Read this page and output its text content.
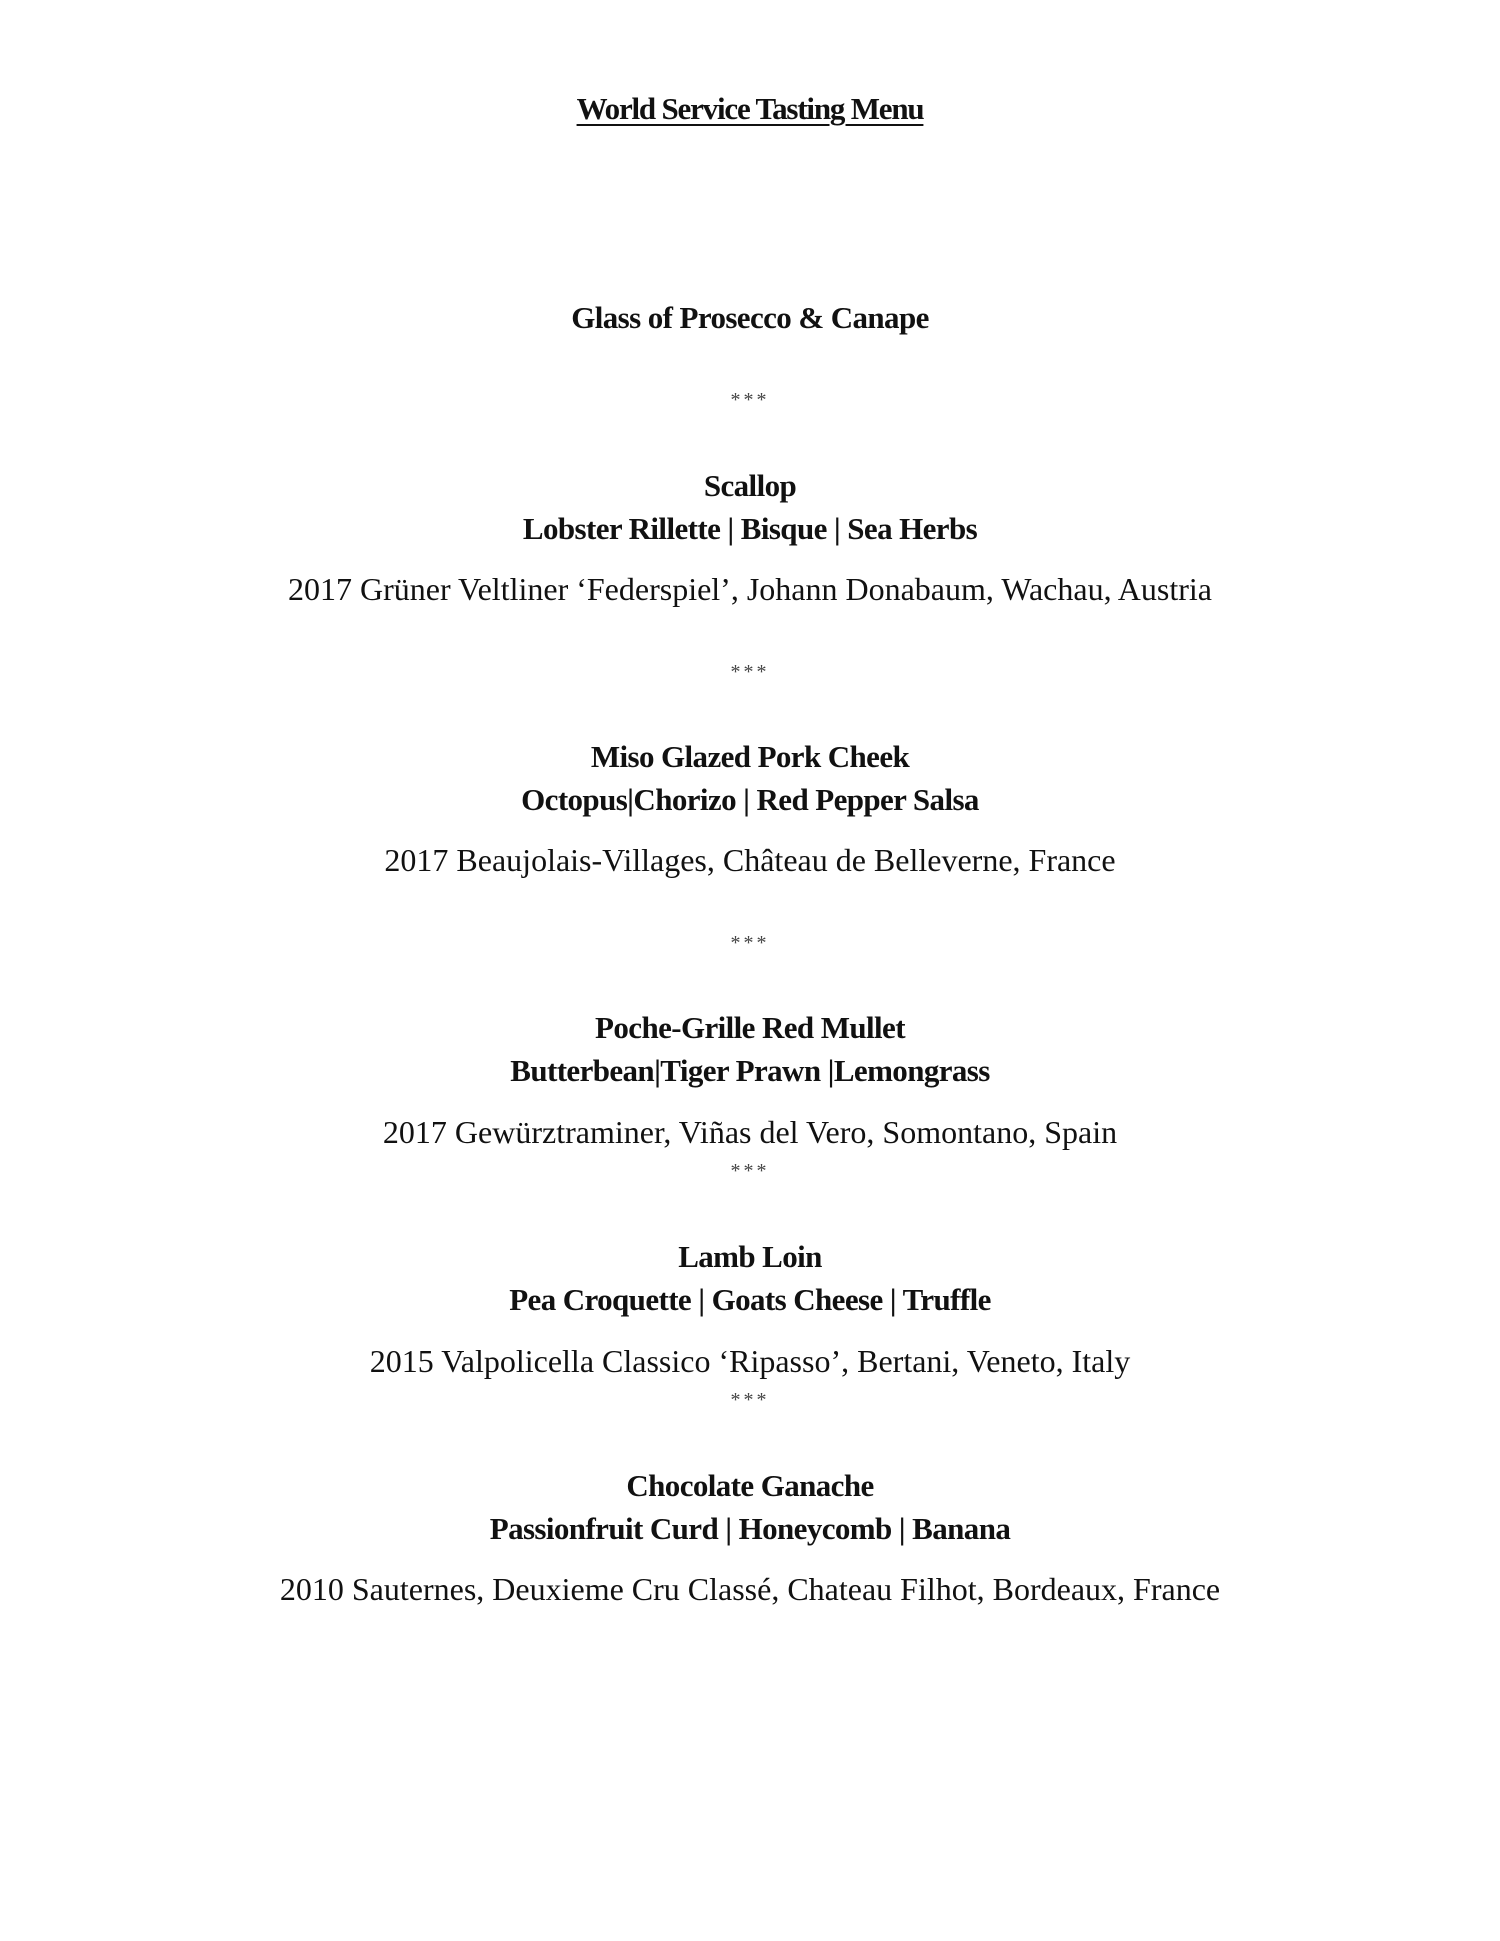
World Service Tasting Menu
Glass of Prosecco & Canape
***
Scallop
Lobster Rillette | Bisque | Sea Herbs
2017 Grüner Veltliner ‘Federspiel’, Johann Donabaum, Wachau, Austria
***
Miso Glazed Pork Cheek
Octopus|Chorizo | Red Pepper Salsa
2017 Beaujolais-Villages, Château de Belleverne, France
***
Poche-Grille Red Mullet
Butterbean|Tiger Prawn |Lemongrass
2017 Gewürztraminer, Viñas del Vero, Somontano, Spain
***
Lamb Loin
Pea Croquette | Goats Cheese | Truffle
2015 Valpolicella Classico ‘Ripasso’, Bertani, Veneto, Italy
***
Chocolate Ganache
Passionfruit Curd | Honeycomb | Banana
2010 Sauternes, Deuxieme Cru Classé, Chateau Filhot, Bordeaux, France
